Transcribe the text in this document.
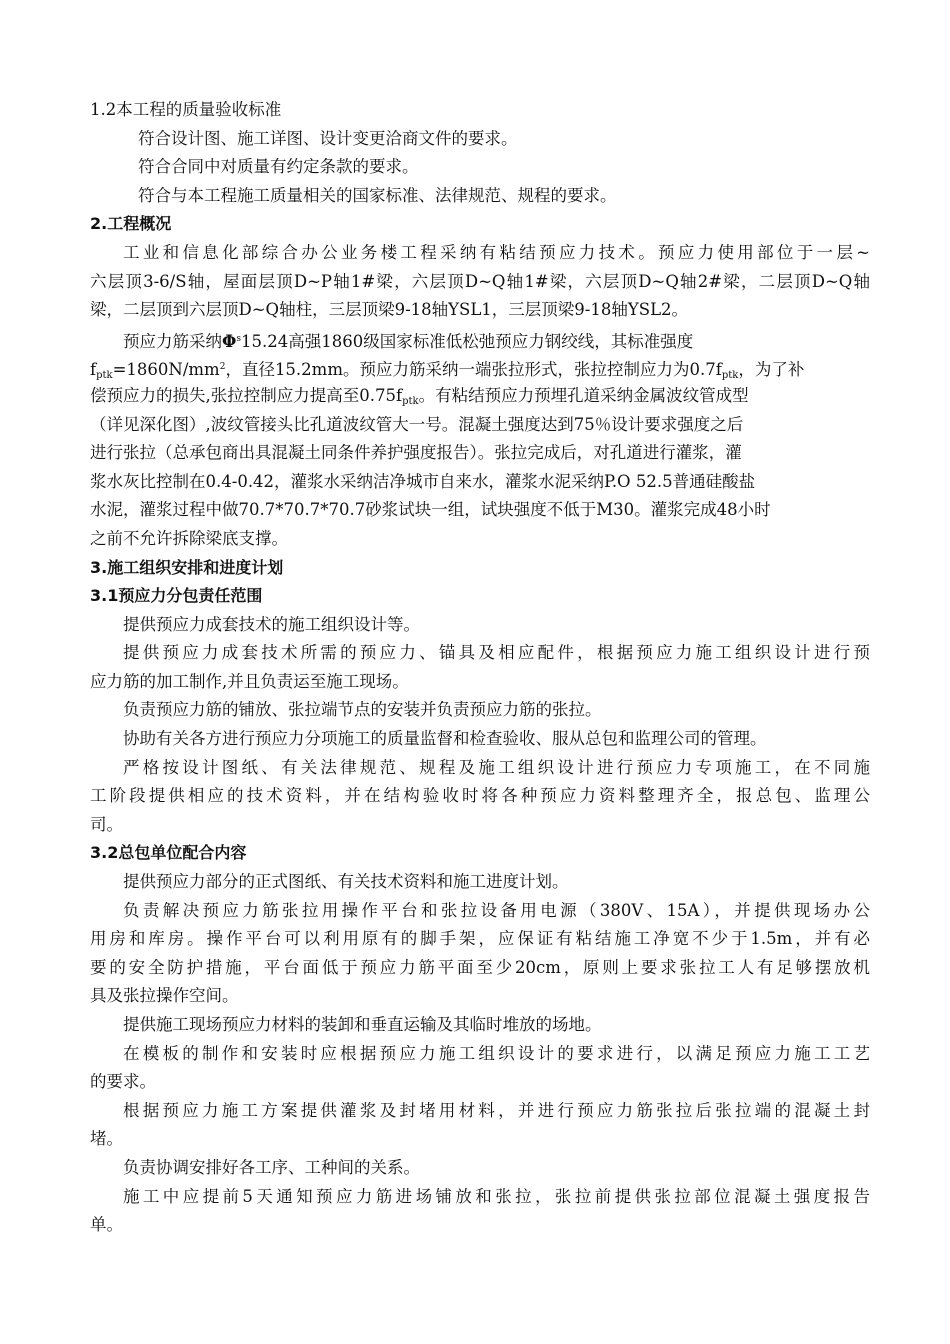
1.2本工程的质量验收标准
符合设计图、施工详图、设计变更洽商文件的要求。
符合合同中对质量有约定条款的要求。
符合与本工程施工质量相关的国家标准、法律规范、规程的要求。
2.工程概况
工业和信息化部综合办公业务楼工程采纳有粘结预应力技术。预应力使用部位于一层~
六层顶3-6/S轴，屋面层顶D~P轴1#梁，六层顶D~Q轴1#梁，六层顶D~Q轴2#梁，二层顶D~Q轴
梁，二层顶到六层顶D~Q轴柱，三层顶梁9-18轴YSL1，三层顶梁9-18轴YSL2。
预应力筋采纳$\Phi^s15.24$高强1860级国家标准低松弛预应力钢绞线，其标准强度
$f_{ptk}=1860N/mm^2$，直径15.2mm。预应力筋采纳一端张拉形式，张拉控制应力为$0.7f_{ptk}$，为了补
偿预应力的损失,张拉控制应力提高至$0.75f_{ptk}$。有粘结预应力预埋孔道采纳金属波纹管成型
（详见深化图）,波纹管接头比孔道波纹管大一号。混凝土强度达到75％设计要求强度之后
进行张拉（总承包商出具混凝土同条件养护强度报告）。张拉完成后，对孔道进行灌浆，灌
浆水灰比控制在0.4-0.42，灌浆水采纳洁净城市自来水，灌浆水泥采纳P.O 52.5普通硅酸盐
水泥，灌浆过程中做70.7*70.7*70.7砂浆试块一组，试块强度不低于M30。灌浆完成48小时
之前不允许拆除梁底支撑。
3.施工组织安排和进度计划
3.1预应力分包责任范围
提供预应力成套技术的施工组织设计等。
提供预应力成套技术所需的预应力、锚具及相应配件，根据预应力施工组织设计进行预
应力筋的加工制作,并且负责运至施工现场。
负责预应力筋的铺放、张拉端节点的安装并负责预应力筋的张拉。
协助有关各方进行预应力分项施工的质量监督和检查验收、服从总包和监理公司的管理。
严格按设计图纸、有关法律规范、规程及施工组织设计进行预应力专项施工，在不同施
工阶段提供相应的技术资料，并在结构验收时将各种预应力资料整理齐全，报总包、监理公
司。
3.2总包单位配合内容
提供预应力部分的正式图纸、有关技术资料和施工进度计划。
负责解决预应力筋张拉用操作平台和张拉设备用电源（380V、15A），并提供现场办公
用房和库房。操作平台可以利用原有的脚手架，应保证有粘结施工净宽不少于1.5m，并有必
要的安全防护措施，平台面低于预应力筋平面至少20cm，原则上要求张拉工人有足够摆放机
具及张拉操作空间。
提供施工现场预应力材料的装卸和垂直运输及其临时堆放的场地。
在模板的制作和安装时应根据预应力施工组织设计的要求进行，以满足预应力施工工艺
的要求。
根据预应力施工方案提供灌浆及封堵用材料，并进行预应力筋张拉后张拉端的混凝土封
堵。
负责协调安排好各工序、工种间的关系。
施工中应提前5天通知预应力筋进场铺放和张拉，张拉前提供张拉部位混凝土强度报告
单。
